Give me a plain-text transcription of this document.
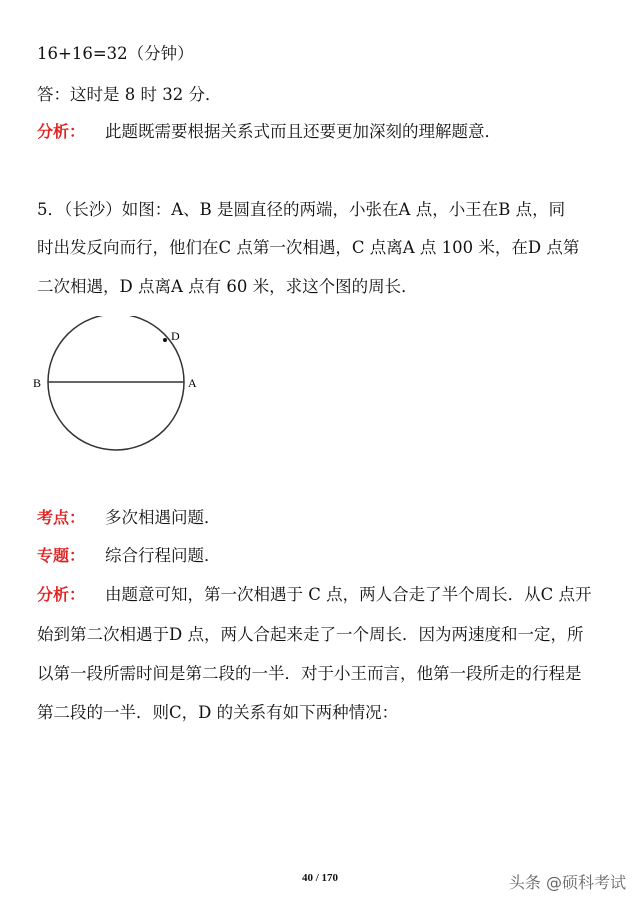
16+16=32（分钟）
答：这时是 8 时 32 分．
分析： 此题既需要根据关系式而且还要更加深刻的理解题意．
5．（长沙）如图：A、B 是圆直径的两端，小张在A 点，小王在B 点，同
时出发反向而行，他们在C 点第一次相遇，C 点离A 点 100 米，在D 点第
二次相遇，D 点离A 点有 60 米，求这个图的周长．
B	A
D
考点： 多次相遇问题．
专题： 综合行程问题．
分析： 由题意可知，第一次相遇于 C 点，两人合走了半个周长．从C 点开
始到第二次相遇于D 点，两人合起来走了一个周长．因为两速度和一定，所
以第一段所需时间是第二段的一半．对于小王而言，他第一段所走的行程是
第二段的一半．则C，D 的关系有如下两种情况：
40 / 170	头条 @硕科考试
